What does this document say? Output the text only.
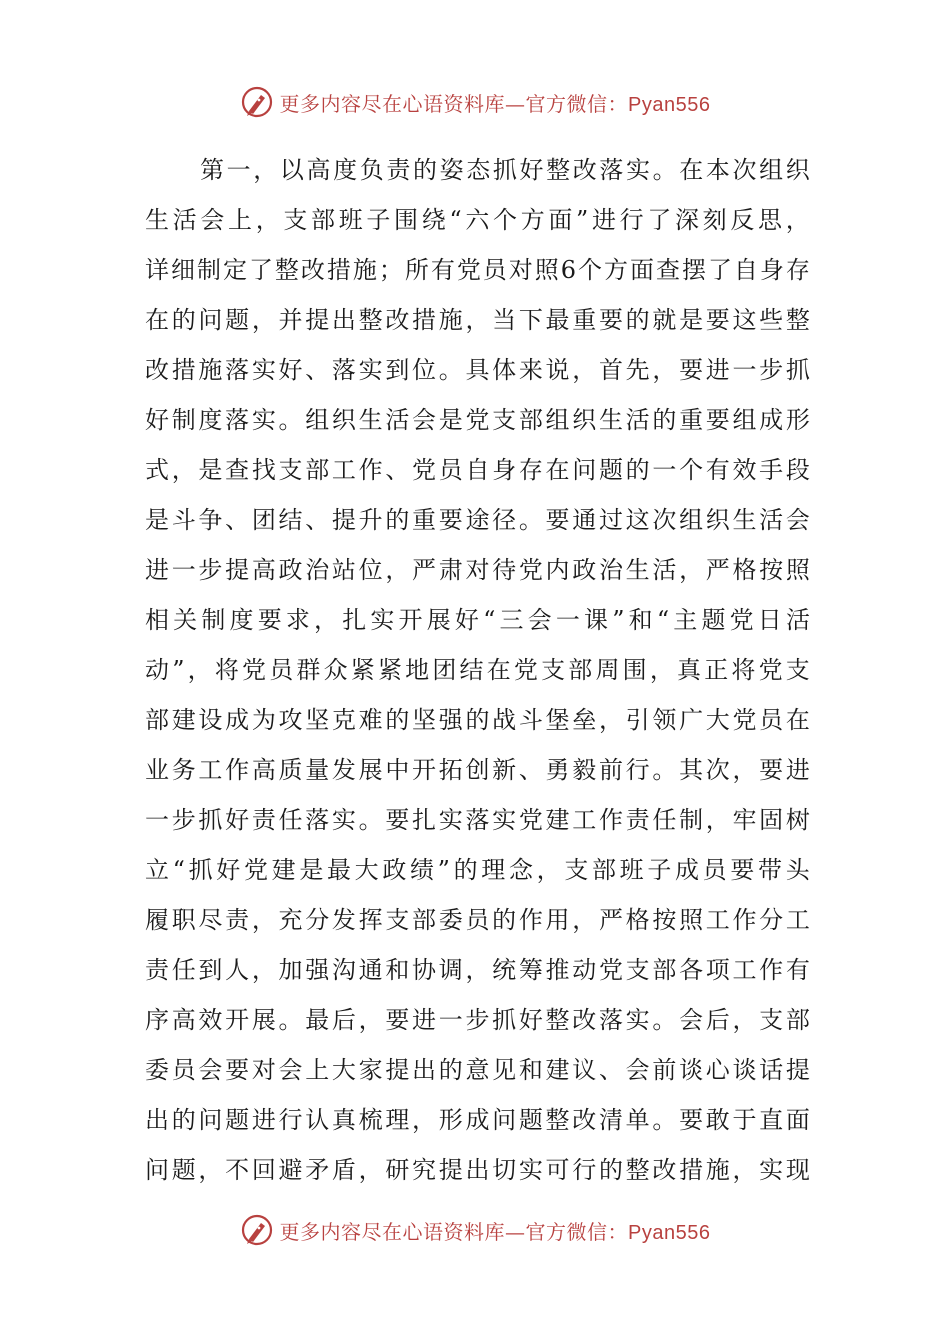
更多内容尽在心语资料库—官方微信：Pyan556
第 一 ， 以 高 度 负 责 的 姿 态 抓 好 整 改 落 实 。 在 本 次 组 织
生 活 会 上 ， 支 部 班 子 围 绕 “ 六 个 方 面 ” 进 行 了 深 刻 反 思 ，
详 细 制 定 了 整 改 措 施 ； 所 有 党 员 对 照 6 个 方 面 查 摆 了 自 身 存
在 的 问 题 ， 并 提 出 整 改 措 施 ， 当 下 最 重 要 的 就 是 要 这 些 整
改 措 施 落 实 好 、 落 实 到 位 。 具 体 来 说 ， 首 先 ， 要 进 一 步 抓
好 制 度 落 实 。 组 织 生 活 会 是 党 支 部 组 织 生 活 的 重 要 组 成 形
式 ， 是 查 找 支 部 工 作 、 党 员 自 身 存 在 问 题 的 一 个 有 效 手 段
是 斗 争 、 团 结 、 提 升 的 重 要 途 径 。 要 通 过 这 次 组 织 生 活 会
进 一 步 提 高 政 治 站 位 ， 严 肃 对 待 党 内 政 治 生 活 ， 严 格 按 照
相 关 制 度 要 求 ， 扎 实 开 展 好 “ 三 会 一 课 ” 和 “ 主 题 党 日 活
动 ” ， 将 党 员 群 众 紧 紧 地 团 结 在 党 支 部 周 围 ， 真 正 将 党 支
部 建 设 成 为 攻 坚 克 难 的 坚 强 的 战 斗 堡 垒 ， 引 领 广 大 党 员 在
业 务 工 作 高 质 量 发 展 中 开 拓 创 新 、 勇 毅 前 行 。 其 次 ， 要 进
一 步 抓 好 责 任 落 实 。 要 扎 实 落 实 党 建 工 作 责 任 制 ， 牢 固 树
立 “ 抓 好 党 建 是 最 大 政 绩 ” 的 理 念 ， 支 部 班 子 成 员 要 带 头
履 职 尽 责 ， 充 分 发 挥 支 部 委 员 的 作 用 ， 严 格 按 照 工 作 分 工
责 任 到 人 ， 加 强 沟 通 和 协 调 ， 统 筹 推 动 党 支 部 各 项 工 作 有
序 高 效 开 展 。 最 后 ， 要 进 一 步 抓 好 整 改 落 实 。 会 后 ， 支 部
委 员 会 要 对 会 上 大 家 提 出 的 意 见 和 建 议 、 会 前 谈 心 谈 话 提
出 的 问 题 进 行 认 真 梳 理 ， 形 成 问 题 整 改 清 单 。 要 敢 于 直 面
问 题 ， 不 回 避 矛 盾 ， 研 究 提 出 切 实 可 行 的 整 改 措 施 ， 实 现
更多内容尽在心语资料库—官方微信：Pyan556
